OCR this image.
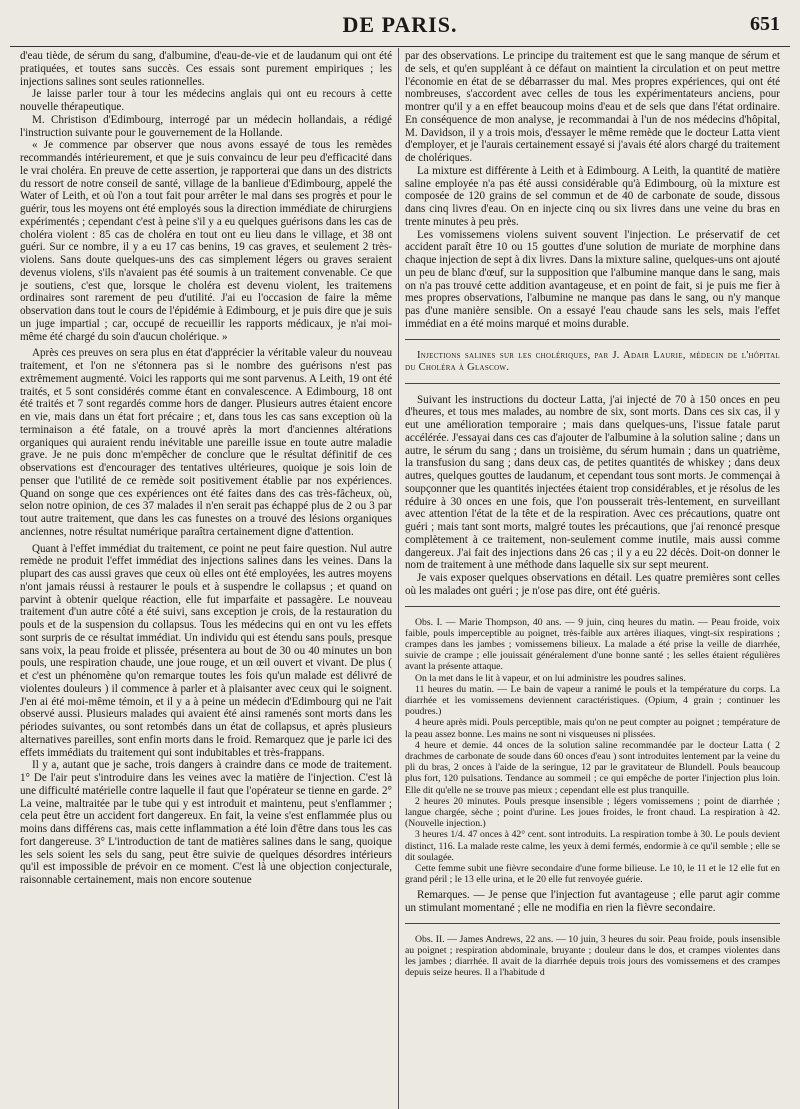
DE PARIS.	651

d'eau tiède, de sérum du sang, d'albumine, d'eau-de-vie et de laudanum qui ont été pratiquées, et toutes sans succès. Ces essais sont purement empiriques ; les injections salines sont seules rationnelles.

Je laisse parler tour à tour les médecins anglais qui ont eu recours à cette nouvelle thérapeutique.

M. Christison d'Edimbourg, interrogé par un médecin hollandais, a rédigé l'instruction suivante pour le gouvernement de la Hollande.

« Je commence par observer que nous avons essayé de tous les remèdes recommandés intérieurement, et que je suis convaincu de leur peu d'efficacité dans le vrai choléra. En preuve de cette assertion, je rapporterai que dans un des districts du ressort de notre conseil de santé, village de la banlieue d'Edimbourg, appelé the Water of Leith, et où l'on a tout fait pour arrêter le mal dans ses progrès et pour le guérir, tous les moyens ont été employés sous la direction immédiate de chirurgiens expérimentés ; cependant c'est à peine s'il y a eu quelques guérisons dans les cas de choléra violent : 85 cas de choléra en tout ont eu lieu dans le village, et 38 ont guéri. Sur ce nombre, il y a eu 17 cas benins, 19 cas graves, et seulement 2 très-violens. Sans doute quelques-uns des cas simplement légers ou graves seraient devenus violens, s'ils n'avaient pas été soumis à un traitement convenable. Ce que je soutiens, c'est que, lorsque le choléra est devenu violent, les traitemens ordinaires sont rarement de peu d'utilité. J'ai eu l'occasion de faire la même observation dans tout le cours de l'épidémie à Edimbourg, et je puis dire que je suis un juge impartial ; car, occupé de recueillir les rapports médicaux, je n'ai moi-même été chargé du soin d'aucun cholérique. »

Après ces preuves on sera plus en état d'apprécier la véritable valeur du nouveau traitement, et l'on ne s'étonnera pas si le nombre des guérisons n'est pas extrêmement augmenté. Voici les rapports qui me sont parvenus. A Leith, 19 ont été traités, et 5 sont considérés comme étant en convalescence. A Edimbourg, 18 ont été traités et 7 sont regardés comme hors de danger. Plusieurs autres étaient encore en vie, mais dans un état fort précaire ; et, dans tous les cas sans exception où la terminaison a été fatale, on a trouvé après la mort d'anciennes altérations organiques qui auraient rendu inévitable une pareille issue en toute autre maladie grave. Je ne puis donc m'empêcher de conclure que le résultat définitif de ces observations est d'encourager des tentatives ultérieures, quoique je sois loin de penser que l'utilité de ce remède soit positivement établie par nos expériences. Quand on songe que ces expériences ont été faites dans des cas très-fâcheux, où, selon notre opinion, de ces 37 malades il n'en serait pas échappé plus de 2 ou 3 par tout autre traitement, que dans les cas funestes on a trouvé des lésions organiques anciennes, notre résultat numérique paraîtra certainement digne d'attention.

Quant à l'effet immédiat du traitement, ce point ne peut faire question. Nul autre remède ne produit l'effet immédiat des injections salines dans les veines. Dans la plupart des cas aussi graves que ceux où elles ont été employées, les autres moyens n'ont jamais réussi à restaurer le pouls et à suspendre le collapsus ; et quand on parvint à obtenir quelque réaction, elle fut imparfaite et passagère. Le nouveau traitement d'un autre côté a été suivi, sans exception je crois, de la restauration du pouls et de la suspension du collapsus. Tous les médecins qui en ont vu les effets sont surpris de ce résultat immédiat. Un individu qui est étendu sans pouls, presque sans voix, la peau froide et plissée, présentera au bout de 30 ou 40 minutes un bon pouls, une respiration chaude, une joue rouge, et un œil ouvert et vivant. De plus ( et c'est un phénomène qu'on remarque toutes les fois qu'un malade est délivré de violentes douleurs ) il commence à parler et à plaisanter avec ceux qui le soignent. J'en ai été moi-même témoin, et il y a à peine un médecin d'Edimbourg qui ne l'ait observé aussi. Plusieurs malades qui avaient été ainsi ramenés sont morts dans les périodes suivantes, ou sont retombés dans un état de collapsus, et après plusieurs alternatives pareilles, sont enfin morts dans le froid. Remarquez que je parle ici des effets immédiats du traitement qui sont indubitables et très-frappans.

Il y a, autant que je sache, trois dangers à craindre dans ce mode de traitement. 1° De l'air peut s'introduire dans les veines avec la matière de l'injection. C'est là une difficulté matérielle contre laquelle il faut que l'opérateur se tienne en garde. 2° La veine, maltraitée par le tube qui y est introduit et maintenu, peut s'enflammer ; cela peut être un accident fort dangereux. En fait, la veine s'est enflammée plus ou moins dans différens cas, mais cette inflammation a été loin d'être dans tous les cas fort dangereuse. 3° L'introduction de tant de matières salines dans le sang, quoique les sels soient les sels du sang, peut être suivie de quelques désordres intérieurs qu'il est impossible de prévoir en ce moment. C'est là une objection conjecturale, raisonnable certainement, mais non encore soutenue

par des observations. Le principe du traitement est que le sang manque de sérum et de sels, et qu'en suppléant à ce défaut on maintient la circulation et on peut mettre l'économie en état de se débarrasser du mal. Mes propres expériences, qui ont été nombreuses, s'accordent avec celles de tous les expérimentateurs anciens, pour montrer qu'il y a en effet beaucoup moins d'eau et de sels que dans l'état ordinaire. En conséquence de mon analyse, je recommandai à l'un de nos médecins d'hôpital, M. Davidson, il y a trois mois, d'essayer le même remède que le docteur Latta vient d'employer, et je l'aurais certainement essayé si j'avais été alors chargé du traitement de cholériques.

La mixture est différente à Leith et à Edimbourg. A Leith, la quantité de matière saline employée n'a pas été aussi considérable qu'à Edimbourg, où la mixture est composée de 120 grains de sel commun et de 40 de carbonate de soude, dissous dans cinq livres d'eau. On en injecte cinq ou six livres dans une veine du bras en trente minutes à peu près.

Les vomissemens violens suivent souvent l'injection. Le préservatif de cet accident paraît être 10 ou 15 gouttes d'une solution de muriate de morphine dans chaque injection de sept à dix livres. Dans la mixture saline, quelques-uns ont ajouté un peu de blanc d'œuf, sur la supposition que l'albumine manque dans le sang, mais on n'a pas trouvé cette addition avantageuse, et en point de fait, si je puis me fier à mes propres observations, l'albumine ne manque pas dans le sang, ou n'y manque pas d'une manière sensible. On a essayé l'eau chaude sans les sels, mais l'effet immédiat en a été moins marqué et moins durable.

Injections salines sur les cholériques, par J. Adair Laurie, médecin de l'hôpital du Choléra à Glascow.

Suivant les instructions du docteur Latta, j'ai injecté de 70 à 150 onces en peu d'heures, et tous mes malades, au nombre de six, sont morts. Dans ces six cas, il y eut une amélioration temporaire ; mais dans quelques-uns, l'issue fatale parut accélérée. J'essayai dans ces cas d'ajouter de l'albumine à la solution saline ; dans un autre, le sérum du sang ; dans un troisième, du sérum humain ; dans un quatrième, la transfusion du sang ; dans deux cas, de petites quantités de whiskey ; dans deux autres, quelques gouttes de laudanum, et cependant tous sont morts. Je commençai à soupçonner que les quantités injectées étaient trop considérables, et je résolus de les réduire à 30 onces en une fois, que l'on pousserait très-lentement, en surveillant avec attention l'état de la tête et de la respiration. Avec ces précautions, quatre ont guéri ; mais tant sont morts, malgré toutes les précautions, que j'ai renoncé presque complètement à ce traitement, non-seulement comme inutile, mais aussi comme dangereux. J'ai fait des injections dans 26 cas ; il y a eu 22 décès. Doit-on donner le nom de traitement à une méthode dans laquelle six sur sept meurent.

Je vais exposer quelques observations en détail. Les quatre premières sont celles où les malades ont guéri ; je n'ose pas dire, ont été guéris.

Obs. I. — Marie Thompson, 40 ans. — 9 juin, cinq heures du matin. — Peau froide, voix faible, pouls imperceptible au poignet, très-faible aux artères iliaques, vingt-six respirations ; crampes dans les jambes ; vomissemens bilieux. La malade a été prise la veille de diarrhée, suivie de crampe ; elle jouissait généralement d'une bonne santé ; les selles étaient régulières avant la présente attaque.

On la met dans le lit à vapeur, et on lui administre les poudres salines.

11 heures du matin. — Le bain de vapeur a ranimé le pouls et la température du corps. La diarrhée et les vomissemens deviennent caractéristiques. (Opium, 4 grain ; continuer les poudres.)

4 heure après midi. Pouls perceptible, mais qu'on ne peut compter au poignet ; température de la peau assez bonne. Les mains ne sont ni visqueuses ni plissées.

4 heure et demie. 44 onces de la solution saline recommandée par le docteur Latta ( 2 drachmes de carbonate de soude dans 60 onces d'eau ) sont introduites lentement par la veine du pli du bras, 2 onces à l'aide de la seringue, 12 par le gravitateur de Blundell. Pouls beaucoup plus fort, 120 pulsations. Tendance au sommeil ; ce qui empêche de porter l'injection plus loin. Elle dit qu'elle ne se trouve pas mieux ; cependant elle est plus tranquille.

2 heures 20 minutes. Pouls presque insensible ; légers vomissemens ; point de diarrhée ; langue chargée, sèche ; point d'urine. Les joues froides, le front chaud. La respiration à 42. (Nouvelle injection.)

3 heures 1/4. 47 onces à 42° cent. sont introduits. La respiration tombe à 30. Le pouls devient distinct, 116. La malade reste calme, les yeux à demi fermés, endormie à ce qu'il semble ; elle se dit soulagée.

Cette femme subit une fièvre secondaire d'une forme bilieuse. Le 10, le 11 et le 12 elle fut en grand péril ; le 13 elle urina, et le 20 elle fut renvoyée guérie.

Remarques. — Je pense que l'injection fut avantageuse ; elle parut agir comme un stimulant momentané ; elle ne modifia en rien la fièvre secondaire.

Obs. II. — James Andrews, 22 ans. — 10 juin, 3 heures du soir. Peau froide, pouls insensible au poignet ; respiration abdominale, bruyante ; douleur dans le dos, et crampes violentes dans les jambes ; diarrhée. Il avait de la diarrhée depuis trois jours des vomissemens et des crampes depuis seize heures. Il a l'habitude d
